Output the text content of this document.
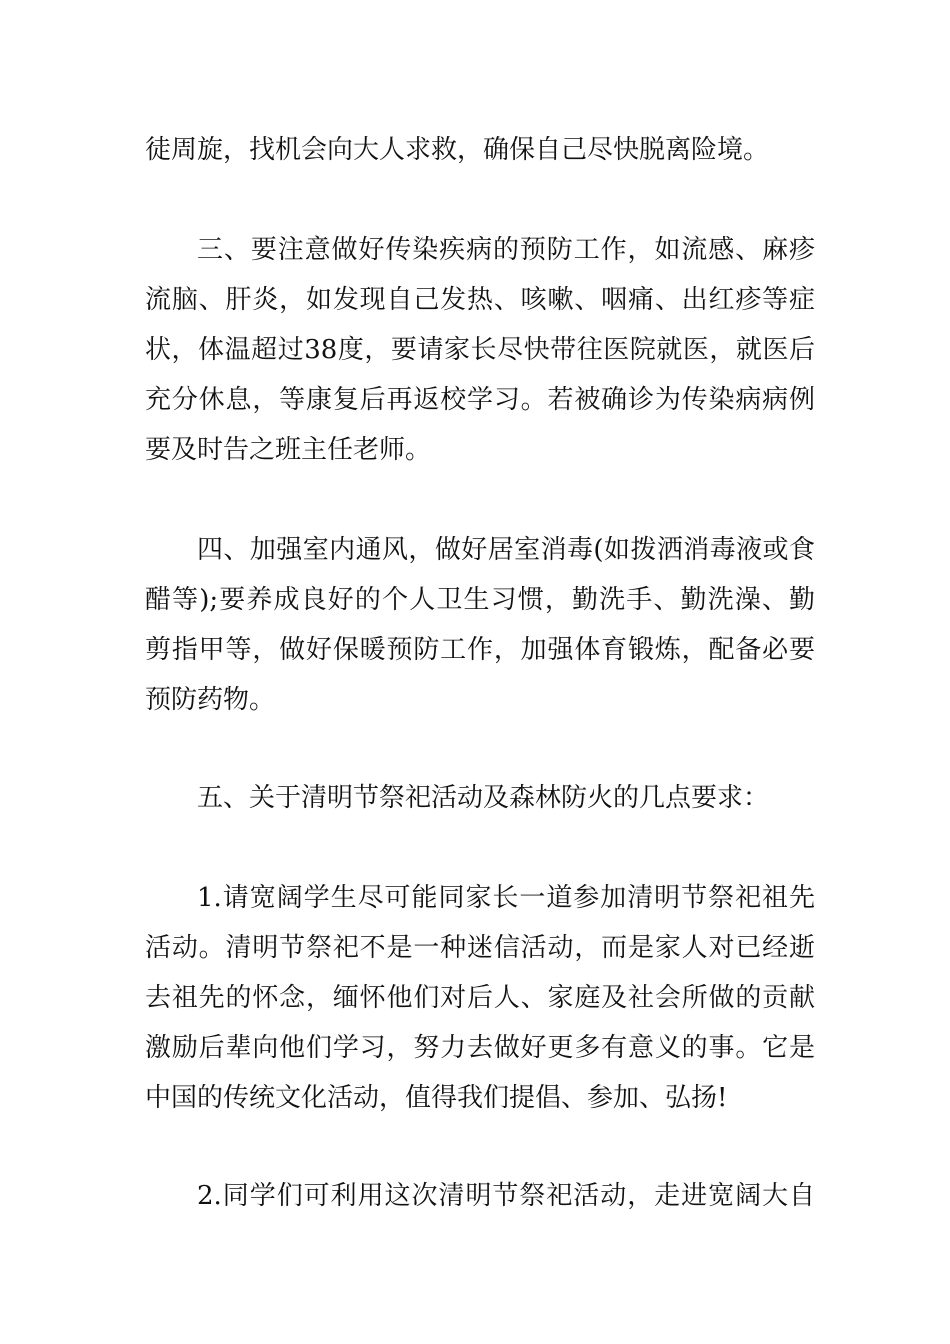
徒周旋，找机会向大人求救，确保自己尽快脱离险境。
三、要注意做好传染疾病的预防工作，如流感、麻疹
流脑、肝炎，如发现自己发热、咳嗽、咽痛、出红疹等症
状，体温超过38度，要请家长尽快带往医院就医，就医后
充分休息，等康复后再返校学习。若被确诊为传染病病例
要及时告之班主任老师。
四、加强室内通风，做好居室消毒(如拨洒消毒液或食
醋等);要养成良好的个人卫生习惯，勤洗手、勤洗澡、勤
剪指甲等，做好保暖预防工作，加强体育锻炼，配备必要
预防药物。
五、关于清明节祭祀活动及森林防火的几点要求：
1.请宽阔学生尽可能同家长一道参加清明节祭祀祖先
活动。清明节祭祀不是一种迷信活动，而是家人对已经逝
去祖先的怀念，缅怀他们对后人、家庭及社会所做的贡献
激励后辈向他们学习，努力去做好更多有意义的事。它是
中国的传统文化活动，值得我们提倡、参加、弘扬!
2.同学们可利用这次清明节祭祀活动，走进宽阔大自
